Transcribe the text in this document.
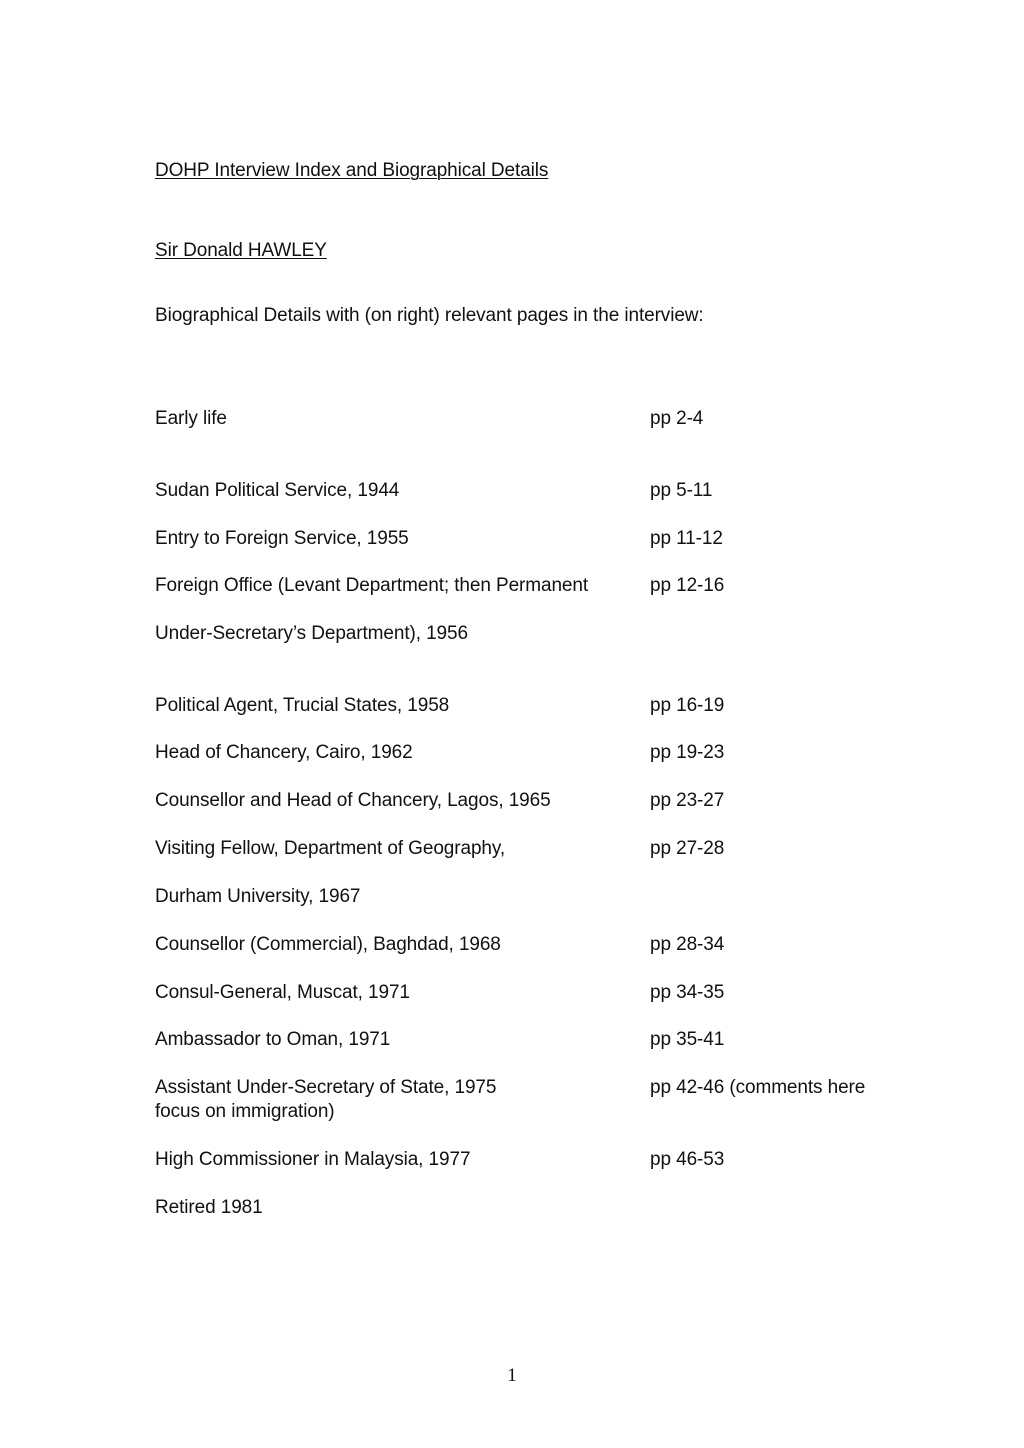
DOHP Interview Index and Biographical Details
Sir Donald HAWLEY
Biographical Details with (on right) relevant pages in the interview:
Early life	pp 2-4
Sudan Political Service, 1944	pp 5-11
Entry to Foreign Service, 1955	pp 11-12
Foreign Office (Levant Department; then Permanent	pp 12-16
Under-Secretary’s Department), 1956
Political Agent, Trucial States, 1958	pp 16-19
Head of Chancery, Cairo, 1962	pp 19-23
Counsellor and Head of Chancery, Lagos, 1965	pp 23-27
Visiting Fellow, Department of Geography,	pp 27-28
Durham University, 1967
Counsellor (Commercial), Baghdad, 1968	pp 28-34
Consul-General, Muscat, 1971	pp 34-35
Ambassador to Oman, 1971	pp 35-41
Assistant Under-Secretary of State, 1975	pp 42-46 (comments here
focus on immigration)
High Commissioner in Malaysia, 1977	pp 46-53
Retired 1981
1
